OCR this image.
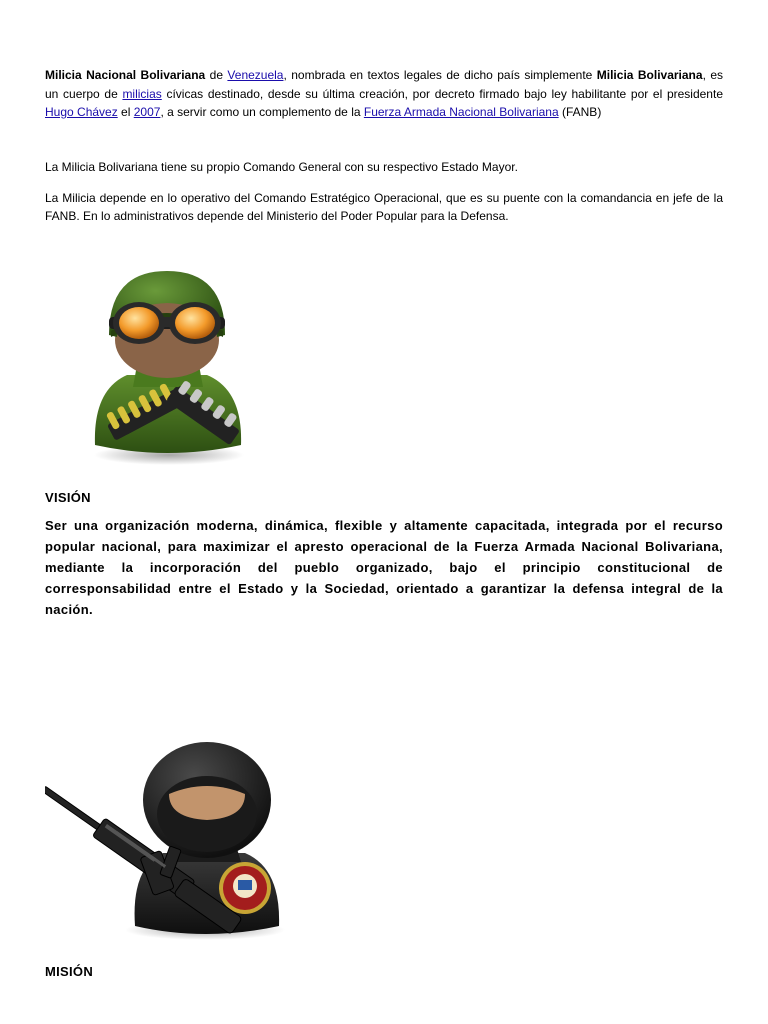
Milicia Nacional Bolivariana de Venezuela, nombrada en textos legales de dicho país simplemente Milicia Bolivariana, es un cuerpo de milicias cívicas destinado, desde su última creación, por decreto firmado bajo ley habilitante por el presidente Hugo Chávez el 2007, a servir como un complemento de la Fuerza Armada Nacional Bolivariana (FANB)

La Milicia Bolivariana tiene su propio Comando General con su respectivo Estado Mayor.

La Milicia depende en lo operativo del Comando Estratégico Operacional, que es su puente con la comandancia en jefe de la FANB. En lo administrativos depende del Ministerio del Poder Popular para la Defensa.

VISIÓN

Ser una organización moderna, dinámica, flexible y altamente capacitada, integrada por el recurso popular nacional, para maximizar el apresto operacional de la Fuerza Armada Nacional Bolivariana, mediante la incorporación del pueblo organizado, bajo el principio constitucional de corresponsabilidad entre el Estado y la Sociedad, orientado a garantizar la defensa integral de la nación.

MISIÓN
